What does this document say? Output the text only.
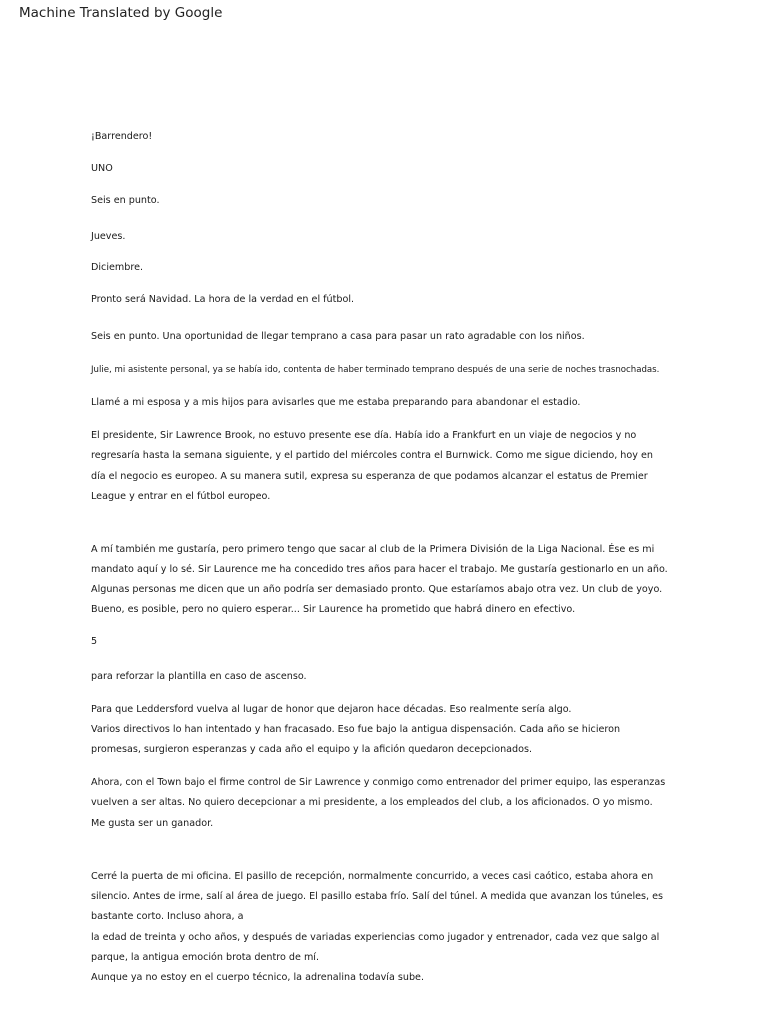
Machine Translated by Google
¡Barrendero!
UNO
Seis en punto.
Jueves.
Diciembre.
Pronto será Navidad. La hora de la verdad en el fútbol.
Seis en punto. Una oportunidad de llegar temprano a casa para pasar un rato agradable con los niños.
Julie, mi asistente personal, ya se había ido, contenta de haber terminado temprano después de una serie de noches trasnochadas.
Llamé a mi esposa y a mis hijos para avisarles que me estaba preparando para abandonar el estadio.
El presidente, Sir Lawrence Brook, no estuvo presente ese día. Había ido a Frankfurt en un viaje de negocios y no
regresaría hasta la semana siguiente, y el partido del miércoles contra el Burnwick. Como me sigue diciendo, hoy en
día el negocio es europeo. A su manera sutil, expresa su esperanza de que podamos alcanzar el estatus de Premier
League y entrar en el fútbol europeo.
A mí también me gustaría, pero primero tengo que sacar al club de la Primera División de la Liga Nacional. Ése es mi
mandato aquí y lo sé. Sir Laurence me ha concedido tres años para hacer el trabajo. Me gustaría gestionarlo en un año.
Algunas personas me dicen que un año podría ser demasiado pronto. Que estaríamos abajo otra vez. Un club de yoyo.
Bueno, es posible, pero no quiero esperar... Sir Laurence ha prometido que habrá dinero en efectivo.
5
para reforzar la plantilla en caso de ascenso.
Para que Leddersford vuelva al lugar de honor que dejaron hace décadas. Eso realmente sería algo.
Varios directivos lo han intentado y han fracasado. Eso fue bajo la antigua dispensación. Cada año se hicieron
promesas, surgieron esperanzas y cada año el equipo y la afición quedaron decepcionados.
Ahora, con el Town bajo el firme control de Sir Lawrence y conmigo como entrenador del primer equipo, las esperanzas
vuelven a ser altas. No quiero decepcionar a mi presidente, a los empleados del club, a los aficionados. O yo mismo.
Me gusta ser un ganador.
Cerré la puerta de mi oficina. El pasillo de recepción, normalmente concurrido, a veces casi caótico, estaba ahora en
silencio. Antes de irme, salí al área de juego. El pasillo estaba frío. Salí del túnel. A medida que avanzan los túneles, es
bastante corto. Incluso ahora, a
la edad de treinta y ocho años, y después de variadas experiencias como jugador y entrenador, cada vez que salgo al
parque, la antigua emoción brota dentro de mí.
Aunque ya no estoy en el cuerpo técnico, la adrenalina todavía sube.
